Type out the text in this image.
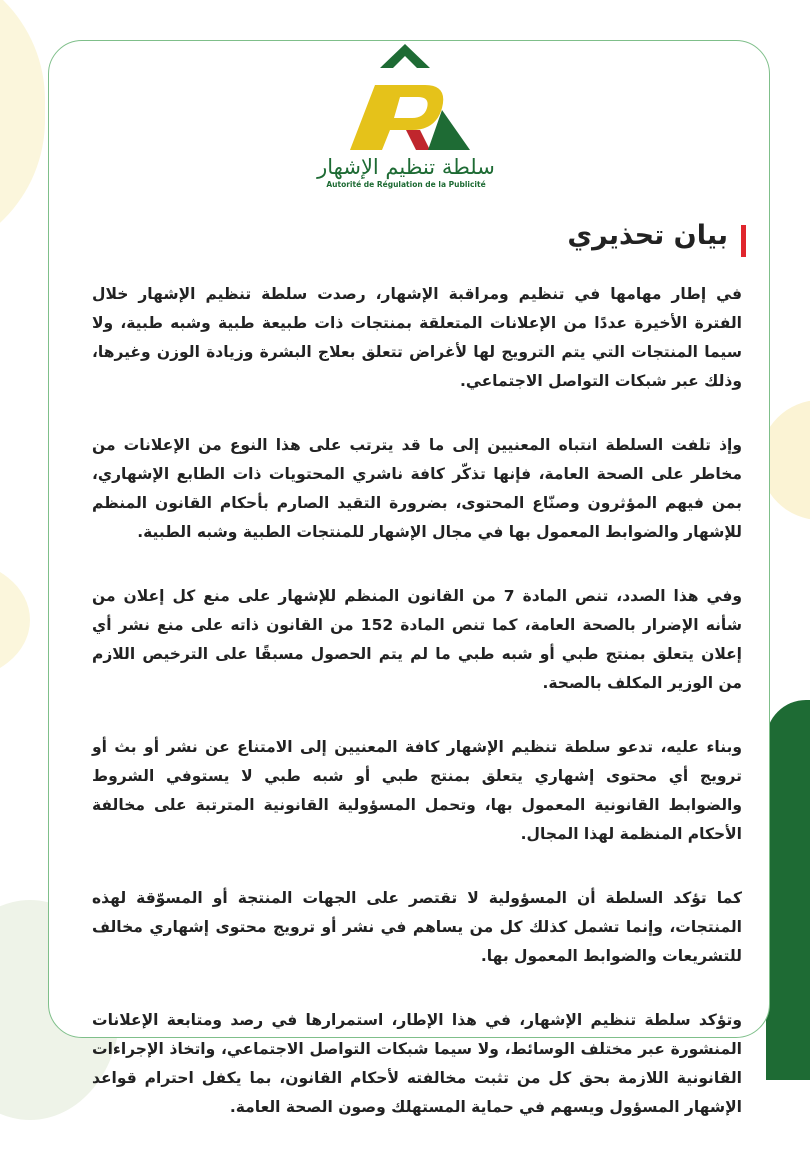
سلطة تنظيم الإشهار
Autorité de Régulation de la Publicité
بيان تحذيري

في إطار مهامها في تنظيم ومراقبة الإشهار، رصدت سلطة تنظيم الإشهار خلال الفترة الأخيرة عددًا من الإعلانات المتعلقة بمنتجات ذات طبيعة طبية وشبه طبية، ولا سيما المنتجات التي يتم الترويج لها لأغراض تتعلق بعلاج البشرة وزيادة الوزن وغيرها، وذلك عبر شبكات التواصل الاجتماعي.

وإذ تلفت السلطة انتباه المعنيين إلى ما قد يترتب على هذا النوع من الإعلانات من مخاطر على الصحة العامة، فإنها تذكّر كافة ناشري المحتويات ذات الطابع الإشهاري، بمن فيهم المؤثرون وصنّاع المحتوى، بضرورة التقيد الصارم بأحكام القانون المنظم للإشهار والضوابط المعمول بها في مجال الإشهار للمنتجات الطبية وشبه الطبية.

وفي هذا الصدد، تنص المادة 7 من القانون المنظم للإشهار على منع كل إعلان من شأنه الإضرار بالصحة العامة، كما تنص المادة 152 من القانون ذاته على منع نشر أي إعلان يتعلق بمنتج طبي أو شبه طبي ما لم يتم الحصول مسبقًا على الترخيص اللازم من الوزير المكلف بالصحة.

وبناء عليه، تدعو سلطة تنظيم الإشهار كافة المعنيين إلى الامتناع عن نشر أو بث أو ترويج أي محتوى إشهاري يتعلق بمنتج طبي أو شبه طبي لا يستوفي الشروط والضوابط القانونية المعمول بها، وتحمل المسؤولية القانونية المترتبة على مخالفة الأحكام المنظمة لهذا المجال.

كما تؤكد السلطة أن المسؤولية لا تقتصر على الجهات المنتجة أو المسوّقة لهذه المنتجات، وإنما تشمل كذلك كل من يساهم في نشر أو ترويج محتوى إشهاري مخالف للتشريعات والضوابط المعمول بها.

وتؤكد سلطة تنظيم الإشهار، في هذا الإطار، استمرارها في رصد ومتابعة الإعلانات المنشورة عبر مختلف الوسائط، ولا سيما شبكات التواصل الاجتماعي، واتخاذ الإجراءات القانونية اللازمة بحق كل من تثبت مخالفته لأحكام القانون، بما يكفل احترام قواعد الإشهار المسؤول ويسهم في حماية المستهلك وصون الصحة العامة.
